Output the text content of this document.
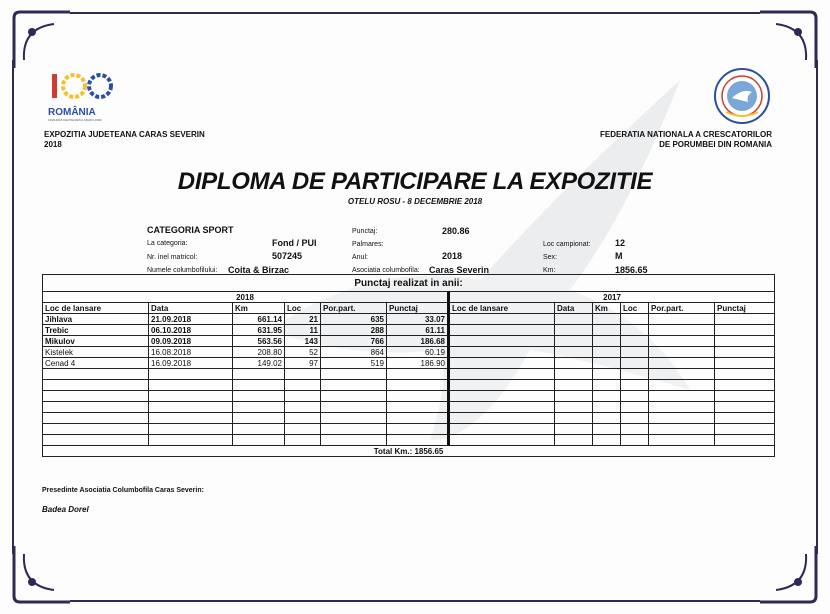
ROMÂNIA
1918-2018 CENTENARUL MARII UNIRI
EXPOZITIA JUDETEANA CARAS SEVERIN
2018
FEDERATIA NATIONALA A CRESCATORILOR
DE PORUMBEI DIN ROMANIA
DIPLOMA DE PARTICIPARE LA EXPOZITIE
OTELU ROSU - 8 DECEMBRIE 2018
CATEGORIA SPORT
La categoria:	Fond / PUI
Nr. inel matricol:	507245
Numele columbofilului: Coita & Birzac
Punctaj:	280.86
Palmares:
Anul:	2018
Asociatia columbofila: Caras Severin
Loc campionat:	12
Sex:	M
Km:	1856.65
Punctaj realizat in anii:											
2018						2017					
Loc de lansare	Data	Km	Loc	Por.part.	Punctaj	Loc de lansare	Data	Km	Loc	Por.part.	Punctaj
Jihlava	21.09.2018	661.14	21	635	33.07						
Trebic	06.10.2018	631.95	11	288	61.11						
Mikulov	09.09.2018	563.56	143	766	186.68						
Kistelek	16.08.2018	208.80	52	864	60.19						
Cenad 4	16.09.2018	149.02	97	519	186.90						

Total Km.: 1856.65											
Presedinte Asociatia Columbofila Caras Severin:
Badea Dorel
